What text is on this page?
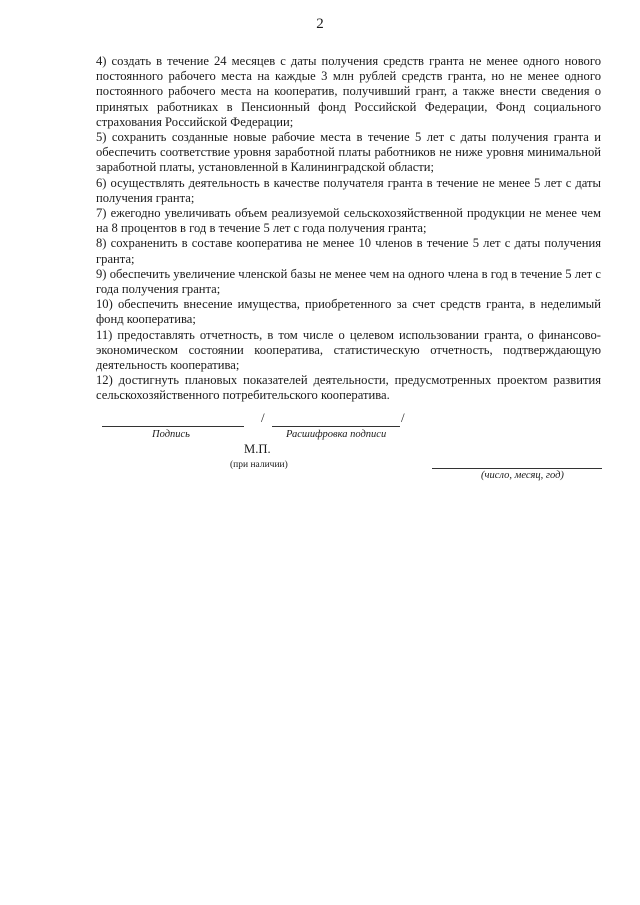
2

4) создать в течение 24 месяцев с даты получения средств гранта не менее одного нового постоянного рабочего места на каждые 3 млн рублей средств гранта, но не менее одного постоянного рабочего места на кооператив, получивший грант, а также внести сведения о принятых работниках в Пенсионный фонд Российской Федерации, Фонд социального страхования Российской Федерации;

5) сохранить созданные новые рабочие места в течение 5 лет с даты получения гранта и обеспечить соответствие уровня заработной платы работников не ниже уровня минимальной заработной платы, установленной в Калининградской области;

6) осуществлять деятельность в качестве получателя гранта в течение не менее 5 лет с даты получения гранта;

7) ежегодно увеличивать объем реализуемой сельскохозяйственной продукции не менее чем на 8 процентов в год в течение 5 лет с года получения гранта;

8) сохраненить в составе кооператива не менее 10 членов в течение 5 лет с даты получения гранта;

9) обеспечить увеличение членской базы не менее чем на одного члена в год в течение 5 лет с года получения гранта;

10) обеспечить внесение имущества, приобретенного за счет средств гранта, в неделимый фонд кооператива;

11) предоставлять отчетность, в том числе о целевом использовании гранта, о финансово-экономическом состоянии кооператива, статистическую отчетность, подтверждающую деятельность кооператива;

12) достигнуть плановых показателей деятельности, предусмотренных проектом развития сельскохозяйственного потребительского кооператива.

/	/
Подпись	Расшифровка подписи
М.П.
(при наличии)
(число, месяц, год)
